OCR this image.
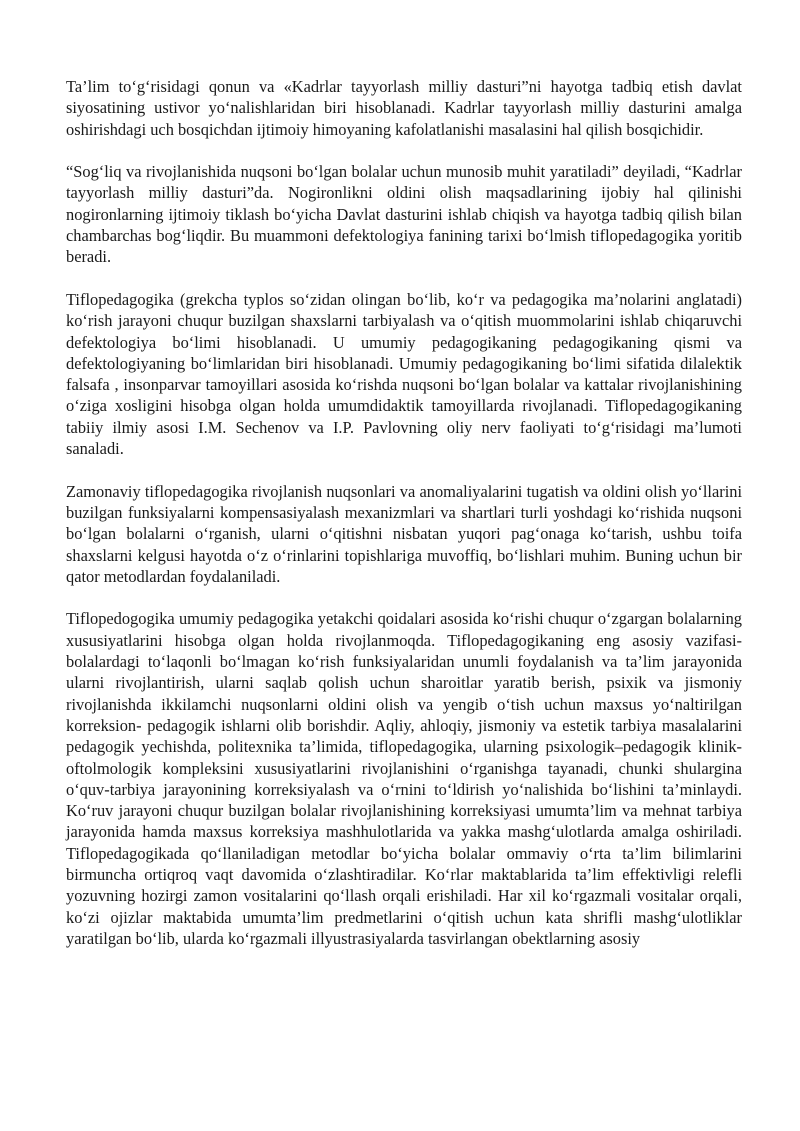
Ta’lim to‘g‘risidagi qonun va «Kadrlar tayyorlash milliy dasturi”ni hayotga tadbiq etish davlat siyosatining ustivor yo‘nalishlaridan biri hisoblanadi. Kadrlar tayyorlash milliy dasturini amalga oshirishdagi uch bosqichdan ijtimoiy himoyaning kafolatlanishi masalasini hal qilish bosqichidir.

“Sog‘liq va rivojlanishida nuqsoni bo‘lgan bolalar uchun munosib muhit yaratiladi” deyiladi, “Kadrlar tayyorlash milliy dasturi”da. Nogironlikni oldini olish maqsadlarining ijobiy hal qilinishi nogironlarning ijtimoiy tiklash bo‘yicha Davlat dasturini ishlab chiqish va hayotga tadbiq qilish bilan chambarchas bog‘liqdir. Bu muammoni defektologiya fanining tarixi bo‘lmish tiflopedagogika yoritib beradi.

Tiflopedagogika (grekcha typlos so‘zidan olingan bo‘lib, ko‘r va pedagogika ma’nolarini anglatadi) ko‘rish jarayoni chuqur buzilgan shaxslarni tarbiyalash va o‘qitish muommolarini ishlab chiqaruvchi defektologiya bo‘limi hisoblanadi. U umumiy pedagogikaning pedagogikaning qismi va defektologiyaning bo‘limlaridan biri hisoblanadi. Umumiy pedagogikaning bo‘limi sifatida dilalektik falsafa , insonparvar tamoyillari asosida ko‘rishda nuqsoni bo‘lgan bolalar va kattalar rivojlanishining o‘ziga xosligini hisobga olgan holda umumdidaktik tamoyillarda rivojlanadi. Tiflopedagogikaning tabiiy ilmiy asosi I.M. Sechenov va I.P. Pavlovning oliy nerv faoliyati to‘g‘risidagi ma’lumoti sanaladi.

Zamonaviy tiflopedagogika rivojlanish nuqsonlari va anomaliyalarini tugatish va oldini olish yo‘llarini buzilgan funksiyalarni kompensasiyalash mexanizmlari va shartlari turli yoshdagi ko‘rishida nuqsoni bo‘lgan bolalarni o‘rganish, ularni o‘qitishni nisbatan yuqori pag‘onaga ko‘tarish, ushbu toifa shaxslarni kelgusi hayotda o‘z o‘rinlarini topishlariga muvoffiq, bo‘lishlari muhim. Buning uchun bir qator metodlardan foydalaniladi.

Tiflopedogogika umumiy pedagogika yetakchi qoidalari asosida ko‘rishi chuqur o‘zgargan bolalarning xususiyatlarini hisobga olgan holda rivojlanmoqda. Tiflopedagogikaning eng asosiy vazifasi- bolalardagi to‘laqonli bo‘lmagan ko‘rish funksiyalaridan unumli foydalanish va ta’lim jarayonida ularni rivojlantirish, ularni saqlab qolish uchun sharoitlar yaratib berish, psixik va jismoniy rivojlanishda ikkilamchi nuqsonlarni oldini olish va yengib o‘tish uchun maxsus yo‘naltirilgan korreksion- pedagogik ishlarni olib borishdir. Aqliy, ahloqiy, jismoniy va estetik tarbiya masalalarini pedagogik yechishda, politexnika ta’limida, tiflopedagogika, ularning psixologik–pedagogik klinik-oftolmologik kompleksini xususiyatlarini rivojlanishini o‘rganishga tayanadi, chunki shulargina o‘quv-tarbiya jarayonining korreksiyalash va o‘rnini to‘ldirish yo‘nalishida bo‘lishini ta’minlaydi. Ko‘ruv jarayoni chuqur buzilgan bolalar rivojlanishining korreksiyasi umumta’lim va mehnat tarbiya jarayonida hamda maxsus korreksiya mashhulotlarida va yakka mashg‘ulotlarda amalga oshiriladi. Tiflopedagogikada qo‘llaniladigan metodlar bo‘yicha bolalar ommaviy o‘rta ta’lim bilimlarini birmuncha ortiqroq vaqt davomida o‘zlashtiradilar. Ko‘rlar maktablarida ta’lim effektivligi relefli yozuvning hozirgi zamon vositalarini qo‘llash orqali erishiladi. Har xil ko‘rgazmali vositalar orqali, ko‘zi ojizlar maktabida umumta’lim predmetlarini o‘qitish uchun kata shrifli mashg‘ulotliklar yaratilgan bo‘lib, ularda ko‘rgazmali illyustrasiyalarda tasvirlangan obektlarning asosiy
